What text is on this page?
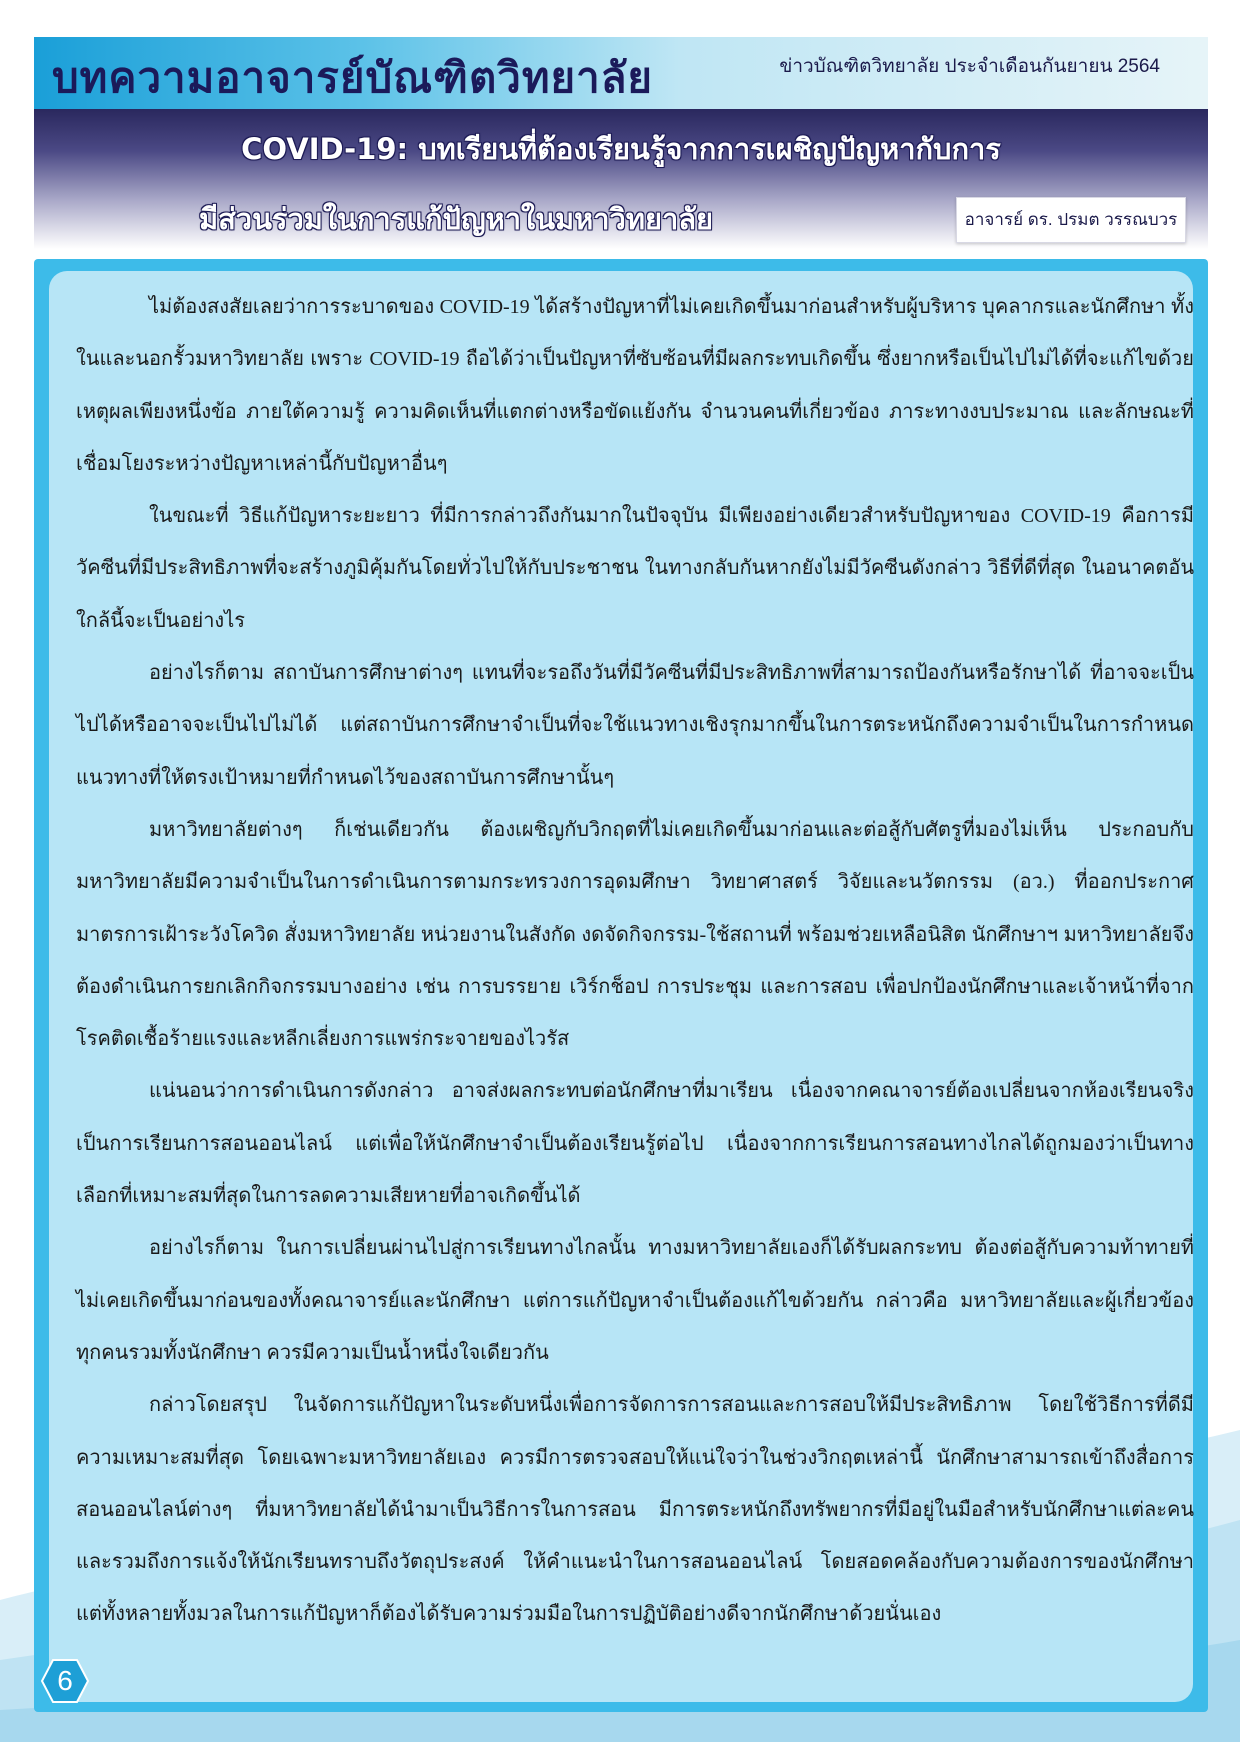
บทความอาจารย์บัณฑิตวิทยาลัย	ข่าวบัณฑิตวิทยาลัย ประจำเดือนกันยายน 2564
COVID-19: บทเรียนที่ต้องเรียนรู้จากการเผชิญปัญหากับการ
มีส่วนร่วมในการแก้ปัญหาในมหาวิทยาลัย	อาจารย์ ดร. ปรมต วรรณบวร

ไม่ต้องสงสัยเลยว่าการระบาดของ COVID-19 ได้สร้างปัญหาที่ไม่เคยเกิดขึ้นมาก่อนสำหรับผู้บริหาร บุคลากรและนักศึกษา ทั้งในและนอกรั้วมหาวิทยาลัย เพราะ COVID-19 ถือได้ว่าเป็นปัญหาที่ซับซ้อนที่มีผลกระทบเกิดขึ้น ซึ่งยากหรือเป็นไปไม่ได้ที่จะแก้ไขด้วยเหตุผลเพียงหนึ่งข้อ ภายใต้ความรู้ ความคิดเห็นที่แตกต่างหรือขัดแย้งกัน จำนวนคนที่เกี่ยวข้อง ภาระทางงบประมาณ และลักษณะที่เชื่อมโยงระหว่างปัญหาเหล่านี้กับปัญหาอื่นๆ

ในขณะที่ วิธีแก้ปัญหาระยะยาว ที่มีการกล่าวถึงกันมากในปัจจุบัน มีเพียงอย่างเดียวสำหรับปัญหาของ COVID-19 คือการมีวัคซีนที่มีประสิทธิภาพที่จะสร้างภูมิคุ้มกันโดยทั่วไปให้กับประชาชน ในทางกลับกันหากยังไม่มีวัคซีนดังกล่าว วิธีที่ดีที่สุด ในอนาคตอันใกล้นี้จะเป็นอย่างไร

อย่างไรก็ตาม สถาบันการศึกษาต่างๆ แทนที่จะรอถึงวันที่มีวัคซีนที่มีประสิทธิภาพที่สามารถป้องกันหรือรักษาได้ ที่อาจจะเป็นไปได้หรืออาจจะเป็นไปไม่ได้ แต่สถาบันการศึกษาจำเป็นที่จะใช้แนวทางเชิงรุกมากขึ้นในการตระหนักถึงความจำเป็นในการกำหนดแนวทางที่ให้ตรงเป้าหมายที่กำหนดไว้ของสถาบันการศึกษานั้นๆ

มหาวิทยาลัยต่างๆ ก็เช่นเดียวกัน ต้องเผชิญกับวิกฤตที่ไม่เคยเกิดขึ้นมาก่อนและต่อสู้กับศัตรูที่มองไม่เห็น ประกอบกับมหาวิทยาลัยมีความจำเป็นในการดำเนินการตามกระทรวงการอุดมศึกษา วิทยาศาสตร์ วิจัยและนวัตกรรม (อว.) ที่ออกประกาศมาตรการเฝ้าระวังโควิด สั่งมหาวิทยาลัย หน่วยงานในสังกัด งดจัดกิจกรรม-ใช้สถานที่ พร้อมช่วยเหลือนิสิต นักศึกษาฯ มหาวิทยาลัยจึงต้องดำเนินการยกเลิกกิจกรรมบางอย่าง เช่น การบรรยาย เวิร์กช็อป การประชุม และการสอบ เพื่อปกป้องนักศึกษาและเจ้าหน้าที่จากโรคติดเชื้อร้ายแรงและหลีกเลี่ยงการแพร่กระจายของไวรัส

แน่นอนว่าการดำเนินการดังกล่าว อาจส่งผลกระทบต่อนักศึกษาที่มาเรียน เนื่องจากคณาจารย์ต้องเปลี่ยนจากห้องเรียนจริงเป็นการเรียนการสอนออนไลน์ แต่เพื่อให้นักศึกษาจำเป็นต้องเรียนรู้ต่อไป เนื่องจากการเรียนการสอนทางไกลได้ถูกมองว่าเป็นทางเลือกที่เหมาะสมที่สุดในการลดความเสียหายที่อาจเกิดขึ้นได้

อย่างไรก็ตาม ในการเปลี่ยนผ่านไปสู่การเรียนทางไกลนั้น ทางมหาวิทยาลัยเองก็ได้รับผลกระทบ ต้องต่อสู้กับความท้าทายที่ไม่เคยเกิดขึ้นมาก่อนของทั้งคณาจารย์และนักศึกษา แต่การแก้ปัญหาจำเป็นต้องแก้ไขด้วยกัน กล่าวคือ มหาวิทยาลัยและผู้เกี่ยวข้องทุกคนรวมทั้งนักศึกษา ควรมีความเป็นน้ำหนึ่งใจเดียวกัน

กล่าวโดยสรุป ในจัดการแก้ปัญหาในระดับหนึ่งเพื่อการจัดการการสอนและการสอบให้มีประสิทธิภาพ โดยใช้วิธีการที่ดีมีความเหมาะสมที่สุด โดยเฉพาะมหาวิทยาลัยเอง ควรมีการตรวจสอบให้แน่ใจว่าในช่วงวิกฤตเหล่านี้ นักศึกษาสามารถเข้าถึงสื่อการสอนออนไลน์ต่างๆ ที่มหาวิทยาลัยได้นำมาเป็นวิธีการในการสอน มีการตระหนักถึงทรัพยากรที่มีอยู่ในมือสำหรับนักศึกษาแต่ละคน และรวมถึงการแจ้งให้นักเรียนทราบถึงวัตถุประสงค์ ให้คำแนะนำในการสอนออนไลน์ โดยสอดคล้องกับความต้องการของนักศึกษา แต่ทั้งหลายทั้งมวลในการแก้ปัญหาก็ต้องได้รับความร่วมมือในการปฏิบัติอย่างดีจากนักศึกษาด้วยนั่นเอง

6
